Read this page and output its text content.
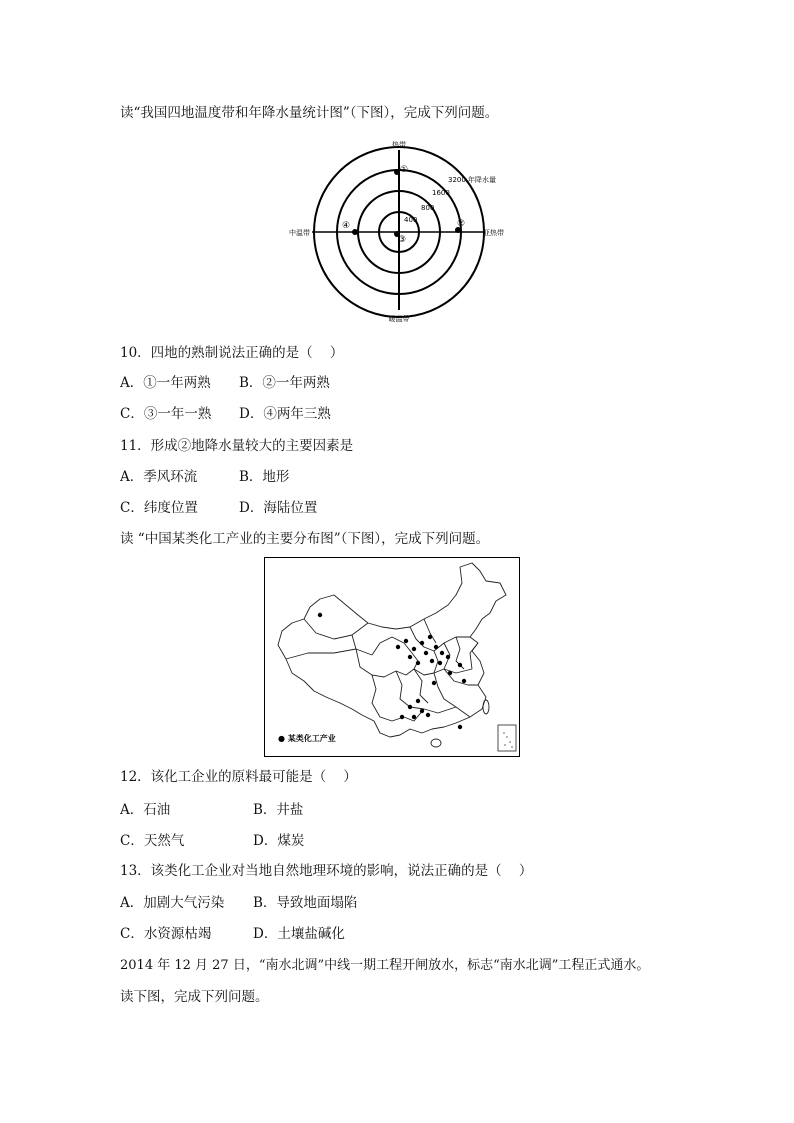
读“我国四地温度带和年降水量统计图”（下图），完成下列问题。
热带
暖温带
中温带	亚热带
3200 年降水量
1600
800
400
①
②
③
④
10．四地的熟制说法正确的是（    ）
A．①一年两熟 B．②一年两熟
C．③一年一熟 D．④两年三熟
11．形成②地降水量较大的主要因素是
A．季风环流	B．地形
C．纬度位置	D．海陆位置
读 “中国某类化工产业的主要分布图”（下图），完成下列问题。
● 某类化工产业
12．该化工企业的原料最可能是（    ）
A．石油	B．井盐
C．天然气	D．煤炭
13．该类化工企业对当地自然地理环境的影响，说法正确的是（    ）
A．加剧大气污染 B．导致地面塌陷
C．水资源枯竭	D．土壤盐碱化
2014 年 12 月 27 日，“南水北调”中线一期工程开闸放水，标志“南水北调”工程正式通水。
读下图，完成下列问题。
